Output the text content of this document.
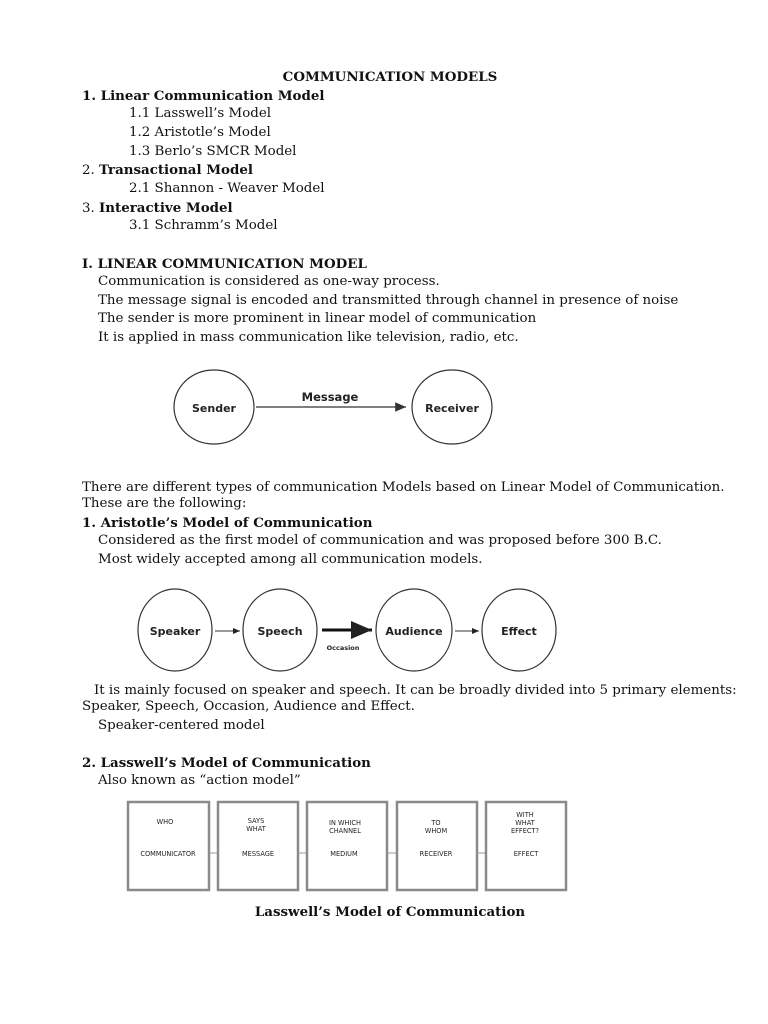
COMMUNICATION MODELS
1. Linear Communication Model
1.1 Lasswell’s Model
1.2 Aristotle’s Model
1.3 Berlo’s SMCR Model
2. Transactional Model
2.1 Shannon - Weaver Model
3. Interactive Model
3.1 Schramm’s Model
I. LINEAR COMMUNICATION MODEL
Communication is considered as one-way process.
The message signal is encoded and transmitted through channel in presence of noise
The sender is more prominent in linear model of communication
It is applied in mass communication like television, radio, etc.
Sender	Receiver
Message
Speaker	Speech	Audience	Effect
Occasion
WHO	SAYS
WHAT
IN WHICH
CHANNEL
TO
WHOM
WITH
WHAT
EFFECT?
COMMUNICATOR	MESSAGE	MEDIUM	RECEIVER	EFFECT
There are different types of communication Models based on Linear Model of Communication.
These are the following:
1. Aristotle’s Model of Communication
Considered as the first model of communication and was proposed before 300 B.C.
Most widely accepted among all communication models.
It is mainly focused on speaker and speech. It can be broadly divided into 5 primary elements:
Speaker, Speech, Occasion, Audience and Effect.
Speaker-centered model
2. Lasswell’s Model of Communication
Also known as “action model”
Lasswell’s Model of Communication
